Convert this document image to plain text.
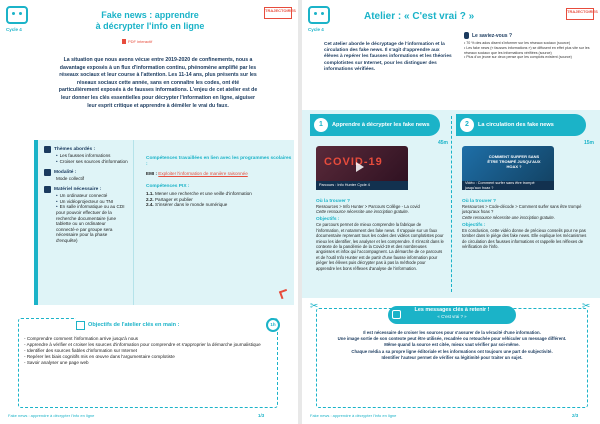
Cycle 4
TRAJECTOIRES
Fake news : apprendre
à décrypter l'info en ligne
PDF interactif
La situation que nous avons vécue entre 2019-2020 de confinements, nous a davantage exposés à un flux d'information continu, phénomène amplifié par les réseaux sociaux et leur course à l'attention. Les 11-14 ans, plus présents sur les réseaux sociaux cette année, sans en connaître les codes, ont été particulièrement exposés à de fausses informations. L'enjeu de cet atelier est de leur donner les clés essentielles pour décrypter l'information en ligne, aiguiser leur esprit critique et apprendre à démêler le vrai du faux.
Thèmes abordés :
• Les fausses informations
• Croiser ses sources d'information
Modalité :
Mode collectif
Matériel nécessaire :
• Un ordinateur connecté
• Un vidéoprojecteur ou TNI
• En salle informatique ou au CDI pour pouvoir effectuer de la recherche documentaire (une tablette ou un ordinateur connecté·e par groupe sera nécessaire pour la phase d'enquête)
Compétences travaillées en lien avec les programmes scolaires :
EMI : Exploiter l'information de manière raisonnée
Compétences PIX :
1.1. Mener une recherche et une veille d'information
2.2. Partager et publier
2.4. S'insérer dans le monde numérique
Objectifs de l'atelier clés en main :	1h
- Comprendre comment l'information arrive jusqu'à nous
- Apprendre à vérifier et croiser les sources d'information pour comprendre et s'approprier la démarche journalistique
- Identifier des sources fiables d'information sur Internet
- Repérer les biais cognitifs mis en œuvre dans l'argumentaire complotiste
- Savoir analyser une page web
Fake news : apprendre à décrypter l'info en ligne	1/3
Cycle 4
TRAJECTOIRES
Atelier : « C'est vrai ? »
Cet atelier aborde le décryptage de l'information et la circulation des fake news. Il s'agit d'apprendre aux élèves à repérer les fausses informations et les théories complotistes sur Internet, pour les distinguer des informations vérifiées.
Le saviez-vous ?
• 70 % des ados disent s'informer sur les réseaux sociaux (source)
• Les fake news (« fausses informations ») se diffusent en effet plus vite sur les réseaux sociaux que les informations vérifiées (source)
• Plus d'un jeune sur deux pense que les complots existent (source)
1	Apprendre à décrypter les fake news
45m
COVID-19
Parcours : Info Hunter Cycle 4
Où la trouver ?
Ressources > Info Hunter > Parcours Collège - La covid
Cette ressource nécessite une inscription gratuite.
Objectifs :
Ce parcours permet de mieux comprendre la fabrique de l'information, et notamment des fake news. Il s'appuie sur un faux documentaire reprenant tous les codes des vidéos complotistes pour mieux les identifier, les analyser et les comprendre. Il s'inscrit dans le contexte de la pandémie de la Covid-19 et des nombreuses angoisses et infox qui l'accompagnent. La démarche de ce parcours et de l'outil Info Hunter est de partir d'une fausse information pour piéger les élèves puis décrypter pas à pas la méthode pour apprendre les bons réflexes d'analyse de l'information.
2	La circulation des fake news
15m
COMMENT SURFER SANS ÊTRE TROMPÉ JUSQU'AUX HOAX ?
Vidéo : Comment surfer sans être trompé jusqu'aux hoax ?
Où la trouver ?
Ressources > Code-décode > Comment surfer sans être trompé jusqu'aux hoax ?
Cette ressource nécessite une inscription gratuite.
Objectifs :
En conclusion, cette vidéo donne de précieux conseils pour ne pas tomber dans le piège des fake news. Elle explique les mécanismes de circulation des fausses informations et rappelle les réflexes de vérification de l'info.
✂	✂
Les messages clés à retenir !
« C'est vrai ? »
Il est nécessaire de croiser les sources pour s'assurer de la véracité d'une information.
Une image sortie de son contexte peut être utilisée, recadrée ou retouchée pour véhiculer un message différent.
Même quand la source est citée, mieux vaut vérifier par soi-même.
Chaque média a sa propre ligne éditoriale et les informations ont toujours une part de subjectivité.
Identifier l'auteur permet de vérifier sa légitimité pour traiter un sujet.
Fake news : apprendre à décrypter l'info en ligne	2/3
